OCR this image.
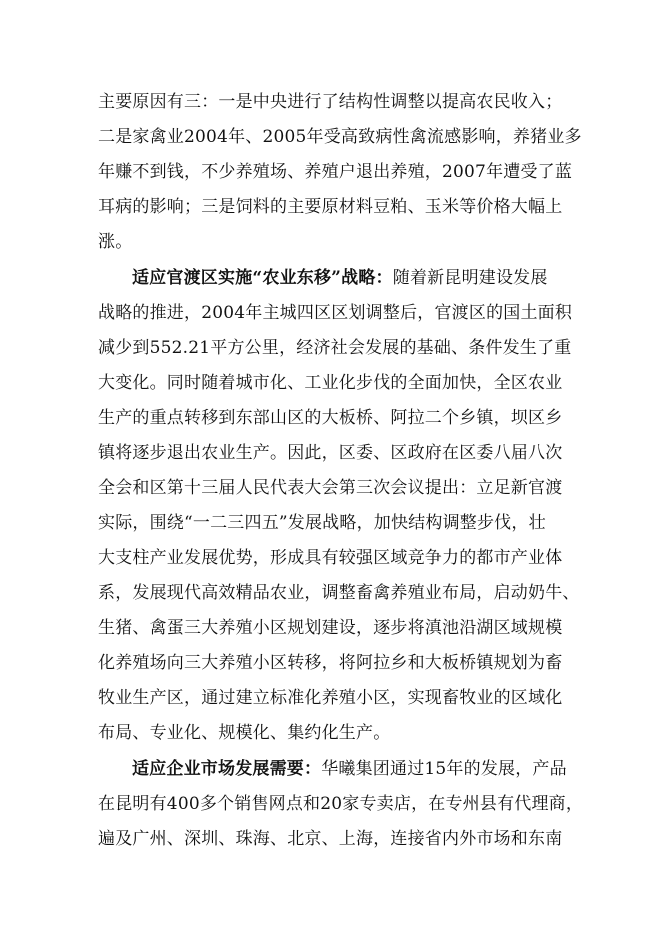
主要原因有三：一是中央进行了结构性调整以提高农民收入；
二是家禽业2004年、2005年受高致病性禽流感影响，养猪业多
年赚不到钱，不少养殖场、养殖户退出养殖，2007年遭受了蓝
耳病的影响；三是饲料的主要原材料豆粕、玉米等价格大幅上
涨。
适应官渡区实施“农业东移”战略：随着新昆明建设发展
战略的推进，2004年主城四区区划调整后，官渡区的国土面积
减少到552.21平方公里，经济社会发展的基础、条件发生了重
大变化。同时随着城市化、工业化步伐的全面加快，全区农业
生产的重点转移到东部山区的大板桥、阿拉二个乡镇，坝区乡
镇将逐步退出农业生产。因此，区委、区政府在区委八届八次
全会和区第十三届人民代表大会第三次会议提出：立足新官渡
实际，围绕“一二三四五”发展战略，加快结构调整步伐，壮
大支柱产业发展优势，形成具有较强区域竞争力的都市产业体
系，发展现代高效精品农业，调整畜禽养殖业布局，启动奶牛、
生猪、禽蛋三大养殖小区规划建设，逐步将滇池沿湖区域规模
化养殖场向三大养殖小区转移，将阿拉乡和大板桥镇规划为畜
牧业生产区，通过建立标准化养殖小区，实现畜牧业的区域化
布局、专业化、规模化、集约化生产。
适应企业市场发展需要：华曦集团通过15年的发展，产品
在昆明有400多个销售网点和20家专卖店，在专州县有代理商，
遍及广州、深圳、珠海、北京、上海，连接省内外市场和东南
